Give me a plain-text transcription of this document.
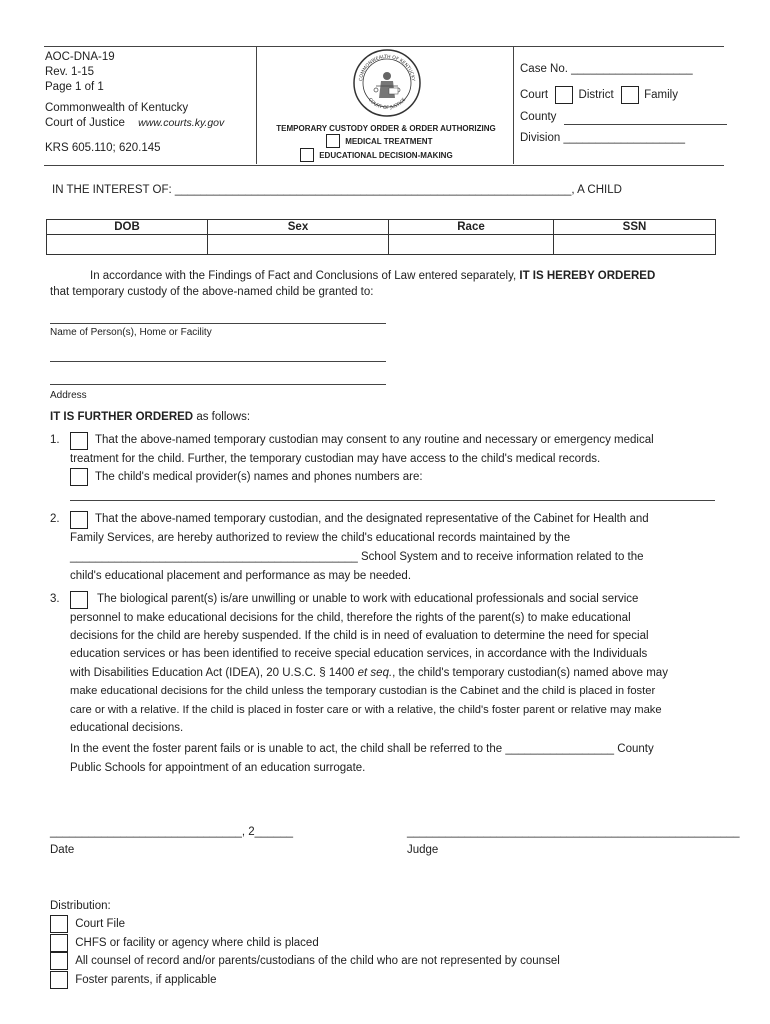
AOC-DNA-19
Rev. 1-15
Page 1 of 1
Commonwealth of Kentucky
Court of Justice www.courts.ky.gov
KRS 605.110; 620.145
COMMONWEALTH OF KENTUCKY
COURT OF JUSTICE
TEMPORARY CUSTODY ORDER & ORDER AUTHORIZING
MEDICAL TREATMENT
EDUCATIONAL DECISION-MAKING
Case No. ___________________
Court	District	Family
County
Division ___________________
IN THE INTEREST OF: ______________________________________________________________, A CHILD
DOB	Sex	Race	SSN

In accordance with the Findings of Fact and Conclusions of Law entered separately, IT IS HEREBY ORDERED
that temporary custody of the above-named child be granted to:
Name of Person(s), Home or Facility
Address
IT IS FURTHER ORDERED as follows:
1.	That the above-named temporary custodian may consent to any routine and necessary or emergency medical
treatment for the child. Further, the temporary custodian may have access to the child's medical records.
The child's medical provider(s) names and phones numbers are:
2.	That the above-named temporary custodian, and the designated representative of the Cabinet for Health and
Family Services, are hereby authorized to review the child's educational records maintained by the
_____________________________________________ School System and to receive information related to the
child's educational placement and performance as may be needed.
3.	The biological parent(s) is/are unwilling or unable to work with educational professionals and social service
personnel to make educational decisions for the child, therefore the rights of the parent(s) to make educational
decisions for the child are hereby suspended. If the child is in need of evaluation to determine the need for special
education services or has been identified to receive special education services, in accordance with the Individuals
with Disabilities Education Act (IDEA), 20 U.S.C. § 1400 et seq., the child's temporary custodian(s) named above may
make educational decisions for the child unless the temporary custodian is the Cabinet and the child is placed in foster
care or with a relative. If the child is placed in foster care or with a relative, the child's foster parent or relative may make
educational decisions.
In the event the foster parent fails or is unable to act, the child shall be referred to the _________________ County
Public Schools for appointment of an education surrogate.
______________________________, 2______	____________________________________________________
Date	Judge
Distribution:
Court File
CHFS or facility or agency where child is placed
All counsel of record and/or parents/custodians of the child who are not represented by counsel
Foster parents, if applicable
